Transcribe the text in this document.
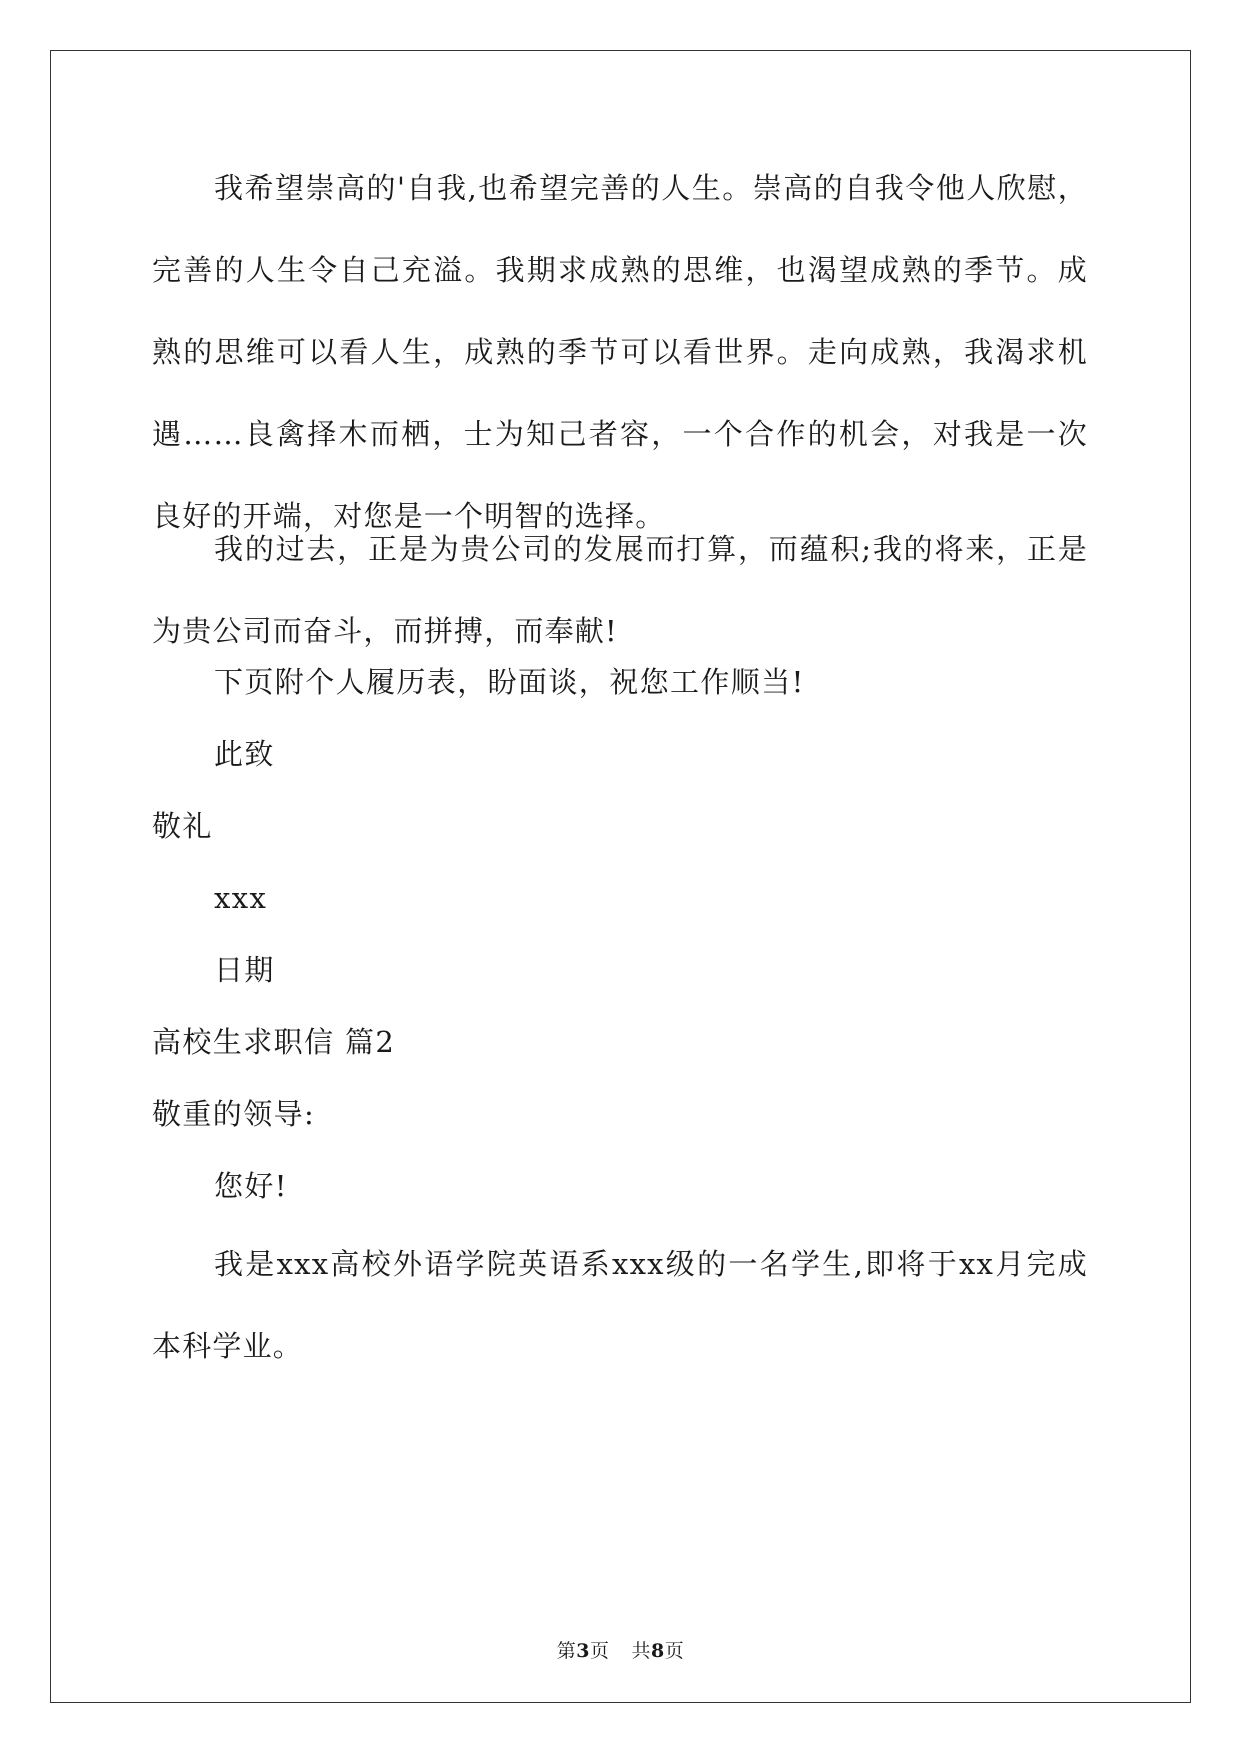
我希望崇高的'自我,也希望完善的人生。崇高的自我令他人欣慰，完善的人生令自己充溢。我期求成熟的思维，也渴望成熟的季节。成熟的思维可以看人生，成熟的季节可以看世界。走向成熟，我渴求机遇……良禽择木而栖，士为知己者容，一个合作的机会，对我是一次良好的开端，对您是一个明智的选择。

我的过去，正是为贵公司的发展而打算，而蕴积;我的将来，正是为贵公司而奋斗，而拼搏，而奉献!

下页附个人履历表，盼面谈，祝您工作顺当!
此致
敬礼
xxx
日期
高校生求职信 篇2
敬重的领导:
您好!

我是xxx高校外语学院英语系xxx级的一名学生,即将于xx月完成本科学业。

第3页 共8页
